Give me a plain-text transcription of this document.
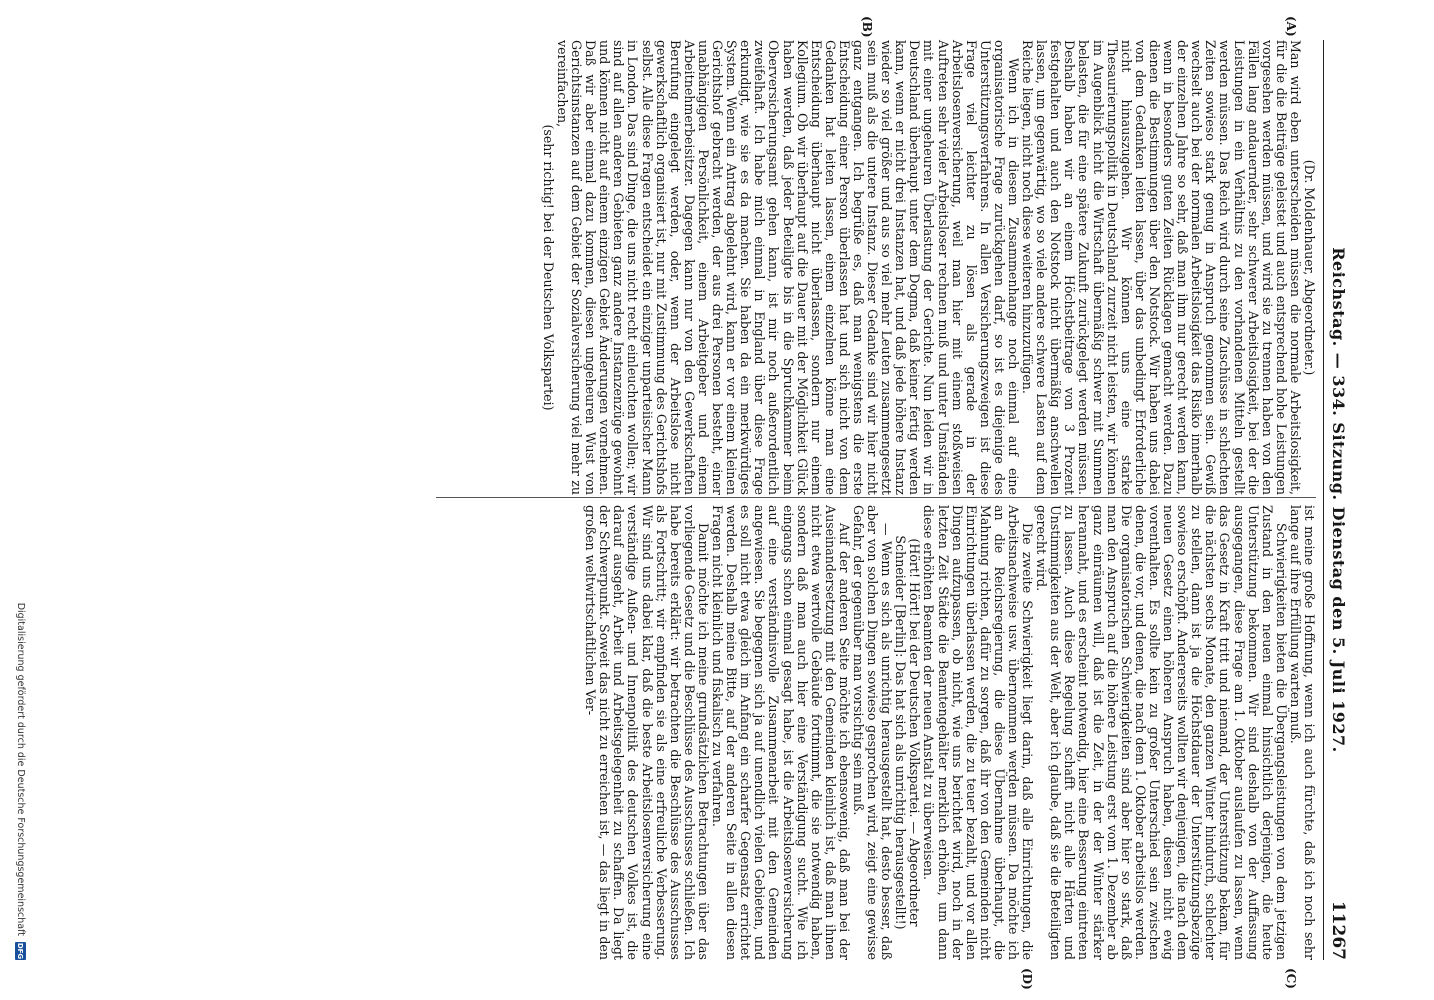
Reichstag. — 334. Sitzung. Dienstag den 5. Juli 1927.
11267
(A)
(B)
(C)
(D)

(Dr. Moldenhauer, Abgeordneter.)

Man wird eben unterscheiden müssen die normale Arbeitslosigkeit, für die die Beiträge geleistet und auch entsprechend hohe Leistungen vorgesehen werden müssen, und wird sie zu trennen haben von den Fällen lang andauernder, sehr schwerer Arbeitslosigkeit, bei der die Leistungen in ein Verhältnis zu den vorhandenen Mitteln gestellt werden müssen. Das Reich wird durch seine Zuschüsse in schlechten Zeiten sowieso stark genug in Anspruch genommen sein. Gewiß wechselt auch bei der normalen Arbeitslosigkeit das Risiko innerhalb der einzelnen Jahre so sehr, daß man ihm nur gerecht werden kann, wenn in besonders guten Zeiten Rücklagen gemacht werden. Dazu dienen die Bestimmungen über den Notstock. Wir haben uns dabei von dem Gedanken leiten lassen, über das unbedingt Erforderliche nicht hinauszugehen. Wir können uns eine starke Thesaurierungspolitik in Deutschland zurzeit nicht leisten, wir können im Augenblick nicht die Wirtschaft übermäßig schwer mit Summen belasten, die für eine spätere Zukunft zurückgelegt werden müssen. Deshalb haben wir an einem Höchstbeitrage von 3 Prozent festgehalten und auch den Notstock nicht übermäßig anschwellen lassen, um gegenwärtig, wo so viele andere schwere Lasten auf dem Reiche liegen, nicht noch diese weiteren hinzuzufügen.

Wenn ich in diesem Zusammenhange noch einmal auf eine organisatorische Frage zurückgehen darf, so ist es diejenige des Unterstützungsverfahrens. In allen Versicherungszweigen ist diese Frage viel leichter zu lösen als gerade in der Arbeitslosenversicherung, weil man hier mit einem stoßweisen Auftreten sehr vieler Arbeitsloser rechnen muß und unter Umständen mit einer ungeheuren Überlastung der Gerichte. Nun leiden wir in Deutschland überhaupt unter dem Dogma, daß keiner fertig werden kann, wenn er nicht drei Instanzen hat, und daß jede höhere Instanz wieder so viel größer und aus so viel mehr Leuten zusammengesetzt sein muß als die untere Instanz. Dieser Gedanke sind wir hier nicht ganz entgangen. Ich begrüße es, daß man wenigstens die erste Entscheidung einer Person überlassen hat und sich nicht von dem Gedanken hat leiten lassen, einem einzelnen könne man eine Entscheidung überhaupt nicht überlassen, sondern nur einem Kollegium. Ob wir überhaupt auf die Dauer mit der Möglichkeit Glück haben werden, daß jeder Beteiligte bis in die Spruchkammer beim Oberversicherungsamt gehen kann, ist mir noch außerordentlich zweifelhaft. Ich habe mich einmal in England über diese Frage erkundigt, wie sie es da machen. Sie haben da ein merkwürdiges System. Wenn ein Antrag abgelehnt wird, kann er vor einem kleinen Gerichtshof gebracht werden, der aus drei Personen besteht, einer unabhängigen Persönlichkeit, einem Arbeitgeber und einem Arbeitnehmerbeisitzer. Dagegen kann nur von den Gewerkschaften Berufung eingelegt werden, oder, wenn der Arbeitslose nicht gewerkschaftlich organisiert ist, nur mit Zustimmung des Gerichtshofs selbst. Alle diese Fragen entscheidet ein einziger unparteiischer Mann in London. Das sind Dinge, die uns nicht recht einleuchten wollen; wir sind auf allen anderen Gebieten ganz andere Instanzenzüge gewohnt und können nicht auf einem einzigen Gebiet Änderungen vornehmen. Daß wir aber einmal dazu kommen, diesen ungeheuren Wust von Gerichtsinstanzen auf dem Gebiet der Sozialversicherung viel mehr zu vereinfachen,

(sehr richtig! bei der Deutschen Volkspartei)

ist meine große Hoffnung, wenn ich auch fürchte, daß ich noch sehr lange auf ihre Erfüllung warten muß.

Schwierigkeiten bieten die Übergangsleistungen von dem jetzigen Zustand in den neuen einmal hinsichtlich derjenigen, die heute Unterstützung bekommen. Wir sind deshalb von der Auffassung ausgegangen, diese Frage am 1. Oktober auslaufen zu lassen, wenn das Gesetz in Kraft tritt und niemand, der Unterstützung bekam, für die nächsten sechs Monate, den ganzen Winter hindurch, schlechter zu stellen, dann ist ja die Höchstdauer der Unterstützungsbezüge sowieso erschöpft. Andererseits wollten wir denjenigen, die nach dem neuen Gesetz einen höheren Anspruch haben, diesen nicht ewig vorenthalten. Es sollte kein zu großer Unterschied sein zwischen denen, die vor, und denen, die nach dem 1. Oktober arbeitslos werden. Die organisatorischen Schwierigkeiten sind aber hier so stark, daß man den Anspruch auf die höhere Leistung erst vom 1. Dezember ab ganz einräumen will, daß ist die Zeit, in der der Winter stärker herannaht, und es erscheint notwendig, hier eine Besserung eintreten zu lassen. Auch diese Regelung schafft nicht alle Härten und Unstimmigkeiten aus der Welt, aber ich glaube, daß sie die Beteiligten gerecht wird.

Die zweite Schwierigkeit liegt darin, daß alle Einrichtungen, die Arbeitsnachweise usw. übernommen werden müssen. Da möchte ich an die Reichsregierung, die diese Übernahme überhaupt, die Mahnung richten, dafür zu sorgen, daß ihr von den Gemeinden nicht Einrichtungen überlassen werden, die zu teuer bezahlt, und vor allen Dingen aufzupassen, ob nicht, wie uns berichtet wird, noch in der letzten Zeit Städte die Beamtengehälter merklich erhöhen, um dann diese erhöhten Beamten der neuen Anstalt zu überweisen.

(Hört! Hört! bei der Deutschen Volkspartei. — Abgeordneter Schneider [Berlin]: Das hat sich als unrichtig herausgestellt!)

— Wenn es sich als unrichtig herausgestellt hat, desto besser, daß aber von solchen Dingen sowieso gesprochen wird, zeigt eine gewisse Gefahr, der gegenüber man vorsichtig sein muß.

Auf der anderen Seite möchte ich ebensowenig, daß man bei der Auseinandersetzung mit den Gemeinden kleinlich ist, daß man ihnen nicht etwa wertvolle Gebäude fortnimmt, die sie notwendig haben, sondern daß man auch hier eine Verständigung sucht. Wie ich eingangs schon einmal gesagt habe, ist die Arbeitslosenversicherung auf eine verständnisvolle Zusammenarbeit mit den Gemeinden angewiesen. Sie begegnen sich ja auf unendlich vielen Gebieten, und es soll nicht etwa gleich im Anfang ein scharfer Gegensatz errichtet werden. Deshalb meine Bitte, auf der anderen Seite in allen diesen Fragen nicht kleinlich und fiskalisch zu verfahren.

Damit möchte ich meine grundsätzlichen Betrachtungen über das vorliegende Gesetz und die Beschlüsse des Ausschusses schließen. Ich habe bereits erklärt: wir betrachten die Beschlüsse des Ausschusses als Fortschritt; wir empfinden sie als eine erfreuliche Verbesserung. Wir sind uns dabei klar, daß die beste Arbeitslosenversicherung eine verständige Außen- und Innenpolitik des deutschen Volkes ist, die darauf ausgeht, Arbeit und Arbeitsgelegenheit zu schaffen. Da liegt der Schwerpunkt. Soweit das nicht zu erreichen ist, — das liegt in den großen weltwirtschaftlichen Ver-

Digitalisierung gefördert durch die Deutsche Forschungsgemeinschaft
DFG
